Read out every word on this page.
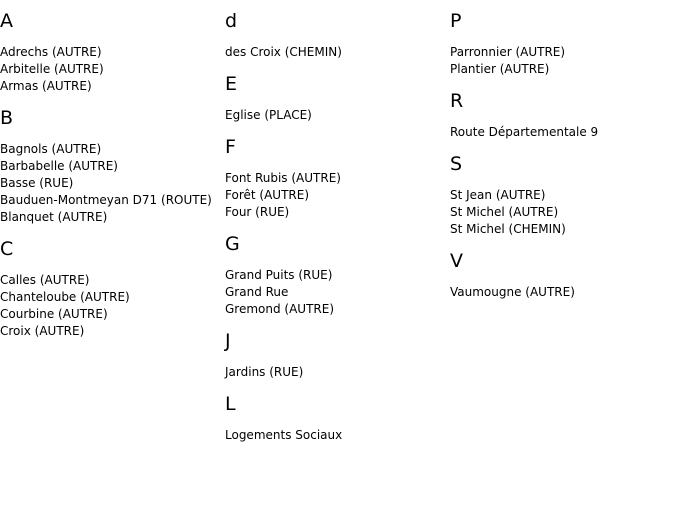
A
Adrechs (AUTRE)
Arbitelle (AUTRE)
Armas (AUTRE)
B
Bagnols (AUTRE)
Barbabelle (AUTRE)
Basse (RUE)
Bauduen-Montmeyan D71 (ROUTE)
Blanquet (AUTRE)
C
Calles (AUTRE)
Chanteloube (AUTRE)
Courbine (AUTRE)
Croix (AUTRE)
d
des Croix (CHEMIN)
E
Eglise (PLACE)
F
Font Rubis (AUTRE)
Forêt (AUTRE)
Four (RUE)
G
Grand Puits (RUE)
Grand Rue
Gremond (AUTRE)
J
Jardins (RUE)
L
Logements Sociaux
P
Parronnier (AUTRE)
Plantier (AUTRE)
R
Route Départementale 9
S
St Jean (AUTRE)
St Michel (AUTRE)
St Michel (CHEMIN)
V
Vaumougne (AUTRE)
